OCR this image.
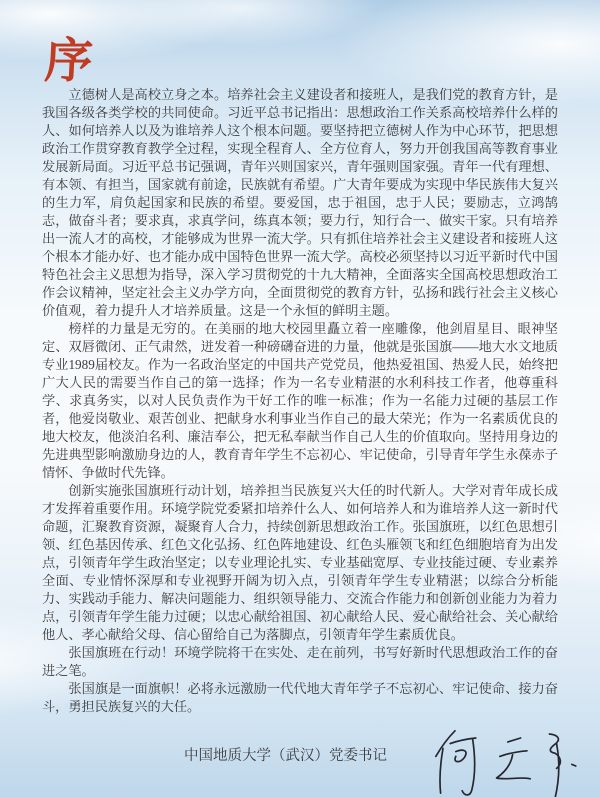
序

立德树人是高校立身之本。培养社会主义建设者和接班人，是我们党的教育方针，是我国各级各类学校的共同使命。习近平总书记指出：思想政治工作关系高校培养什么样的人、如何培养人以及为谁培养人这个根本问题。要坚持把立德树人作为中心环节，把思想政治工作贯穿教育教学全过程，实现全程育人、全方位育人，努力开创我国高等教育事业发展新局面。习近平总书记强调，青年兴则国家兴，青年强则国家强。青年一代有理想、有本领、有担当，国家就有前途，民族就有希望。广大青年要成为实现中华民族伟大复兴的生力军，肩负起国家和民族的希望。要爱国，忠于祖国，忠于人民；要励志，立鸿鹄志，做奋斗者；要求真，求真学问，练真本领；要力行，知行合一、做实干家。只有培养出一流人才的高校，才能够成为世界一流大学。只有抓住培养社会主义建设者和接班人这个根本才能办好、也才能办成中国特色世界一流大学。高校必须坚持以习近平新时代中国特色社会主义思想为指导，深入学习贯彻党的十九大精神，全面落实全国高校思想政治工作会议精神，坚定社会主义办学方向，全面贯彻党的教育方针，弘扬和践行社会主义核心价值观，着力提升人才培养质量。这是一个永恒的鲜明主题。

榜样的力量是无穷的。在美丽的地大校园里矗立着一座雕像，他剑眉星目、眼神坚定、双唇微闭、正气肃然，迸发着一种磅礴奋进的力量，他就是张国旗——地大水文地质专业1989届校友。作为一名政治坚定的中国共产党党员，他热爱祖国、热爱人民，始终把广大人民的需要当作自己的第一选择；作为一名专业精湛的水利科技工作者，他尊重科学、求真务实，以对人民负责作为干好工作的唯一标准；作为一名能力过硬的基层工作者，他爱岗敬业、艰苦创业、把献身水利事业当作自己的最大荣光；作为一名素质优良的地大校友，他淡泊名利、廉洁奉公，把无私奉献当作自己人生的价值取向。坚持用身边的先进典型影响激励身边的人，教育青年学生不忘初心、牢记使命，引导青年学生永葆赤子情怀、争做时代先锋。

创新实施张国旗班行动计划，培养担当民族复兴大任的时代新人。大学对青年成长成才发挥着重要作用。环境学院党委紧扣培养什么人、如何培养人和为谁培养人这一新时代命题，汇聚教育资源，凝聚育人合力，持续创新思想政治工作。张国旗班，以红色思想引领、红色基因传承、红色文化弘扬、红色阵地建设、红色头雁领飞和红色细胞培育为出发点，引领青年学生政治坚定；以专业理论扎实、专业基础宽厚、专业技能过硬、专业素养全面、专业情怀深厚和专业视野开阔为切入点，引领青年学生专业精湛；以综合分析能力、实践动手能力、解决问题能力、组织领导能力、交流合作能力和创新创业能力为着力点，引领青年学生能力过硬；以忠心献给祖国、初心献给人民、爱心献给社会、关心献给他人、孝心献给父母、信心留给自己为落脚点，引领青年学生素质优良。

张国旗班在行动！环境学院将干在实处、走在前列，书写好新时代思想政治工作的奋进之笔。

张国旗是一面旗帜！必将永远激励一代代地大青年学子不忘初心、牢记使命、接力奋斗，勇担民族复兴的大任。

中国地质大学（武汉）党委书记
